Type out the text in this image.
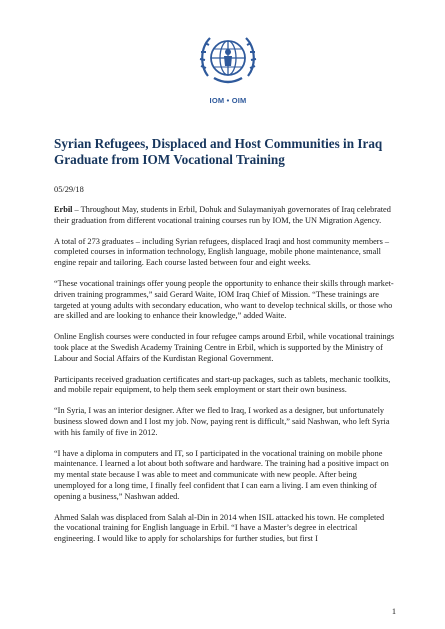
IOM • OIM
Syrian Refugees, Displaced and Host Communities in Iraq Graduate from IOM Vocational Training
05/29/18

Erbil – Throughout May, students in Erbil, Dohuk and Sulaymaniyah governorates of Iraq celebrated their graduation from different vocational training courses run by IOM, the UN Migration Agency.

A total of 273 graduates – including Syrian refugees, displaced Iraqi and host community members – completed courses in information technology, English language, mobile phone maintenance, small engine repair and tailoring. Each course lasted between four and eight weeks.

“These vocational trainings offer young people the opportunity to enhance their skills through market-driven training programmes,” said Gerard Waite, IOM Iraq Chief of Mission. “These trainings are targeted at young adults with secondary education, who want to develop technical skills, or those who are skilled and are looking to enhance their knowledge,” added Waite.

Online English courses were conducted in four refugee camps around Erbil, while vocational trainings took place at the Swedish Academy Training Centre in Erbil, which is supported by the Ministry of Labour and Social Affairs of the Kurdistan Regional Government.

Participants received graduation certificates and start-up packages, such as tablets, mechanic toolkits, and mobile repair equipment, to help them seek employment or start their own business.

“In Syria, I was an interior designer. After we fled to Iraq, I worked as a designer, but unfortunately business slowed down and I lost my job. Now, paying rent is difficult,” said Nashwan, who left Syria with his family of five in 2012.

“I have a diploma in computers and IT, so I participated in the vocational training on mobile phone maintenance. I learned a lot about both software and hardware. The training had a positive impact on my mental state because I was able to meet and communicate with new people. After being unemployed for a long time, I finally feel confident that I can earn a living. I am even thinking of opening a business,” Nashwan added.

Ahmed Salah was displaced from Salah al-Din in 2014 when ISIL attacked his town. He completed the vocational training for English language in Erbil. “I have a Master’s degree in electrical engineering. I would like to apply for scholarships for further studies, but first I

1
